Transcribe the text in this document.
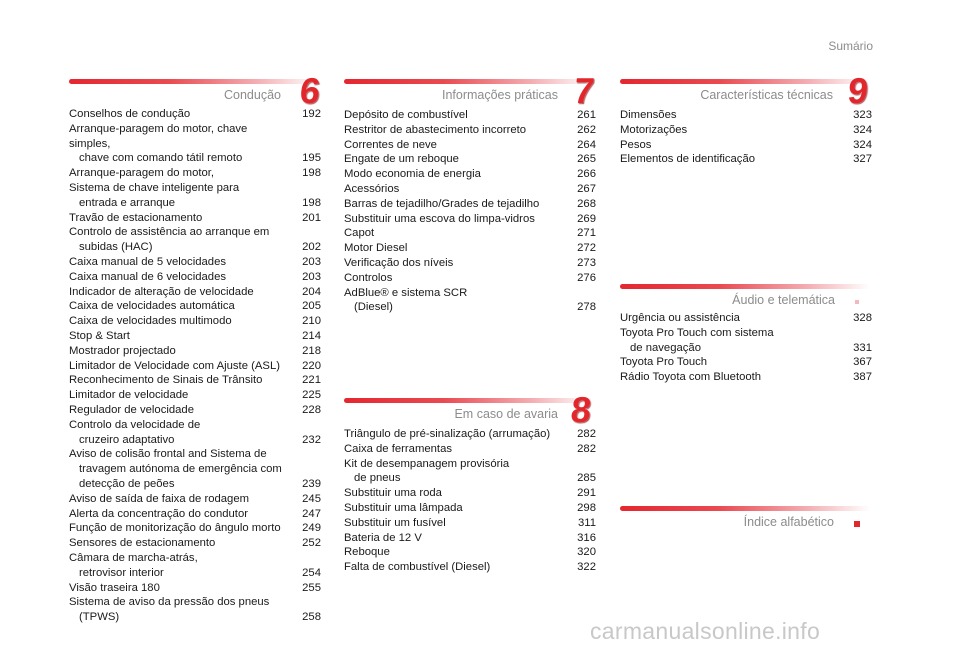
Sumário
Condução 6
Conselhos de condução	192
Arranque-paragem do motor, chave simples,
chave com comando tátil remoto	195
Arranque-paragem do motor,	198
Sistema de chave inteligente para
entrada e arranque	198
Travão de estacionamento	201
Controlo de assistência ao arranque em
subidas (HAC)	202
Caixa manual de 5 velocidades	203
Caixa manual de 6 velocidades	203
Indicador de alteração de velocidade	204
Caixa de velocidades automática	205
Caixa de velocidades multimodo	210
Stop & Start	214
Mostrador projectado	218
Limitador de Velocidade com Ajuste (ASL)	220
Reconhecimento de Sinais de Trânsito	221
Limitador de velocidade	225
Regulador de velocidade	228
Controlo da velocidade de
cruzeiro adaptativo	232
Aviso de colisão frontal and Sistema de
travagem autónoma de emergência com
detecção de peões	239
Aviso de saída de faixa de rodagem	245
Alerta da concentração do condutor	247
Função de monitorização do ângulo morto	249
Sensores de estacionamento	252
Câmara de marcha-atrás,
retrovisor interior	254
Visão traseira 180	255
Sistema de aviso da pressão dos pneus
(TPWS)	258
Informações práticas 7
Depósito de combustível	261
Restritor de abastecimento incorreto	262
Correntes de neve	264
Engate de um reboque	265
Modo economia de energia	266
Acessórios	267
Barras de tejadilho/Grades de tejadilho	268
Substituir uma escova do limpa-vidros	269
Capot	271
Motor Diesel	272
Verificação dos níveis	273
Controlos	276
AdBlue® e sistema SCR
(Diesel)	278
Em caso de avaria 8
Triângulo de pré-sinalização (arrumação)	282
Caixa de ferramentas	282
Kit de desempanagem provisória
de pneus	285
Substituir uma roda	291
Substituir uma lâmpada	298
Substituir um fusível	311
Bateria de 12 V	316
Reboque	320
Falta de combustível (Diesel)	322
Características técnicas 9
Dimensões	323
Motorizações	324
Pesos	324
Elementos de identificação	327
Áudio e telemática
Urgência ou assistência	328
Toyota Pro Touch com sistema
de navegação	331
Toyota Pro Touch	367
Rádio Toyota com Bluetooth	387
Índice alfabético
carmanualsonline.info
